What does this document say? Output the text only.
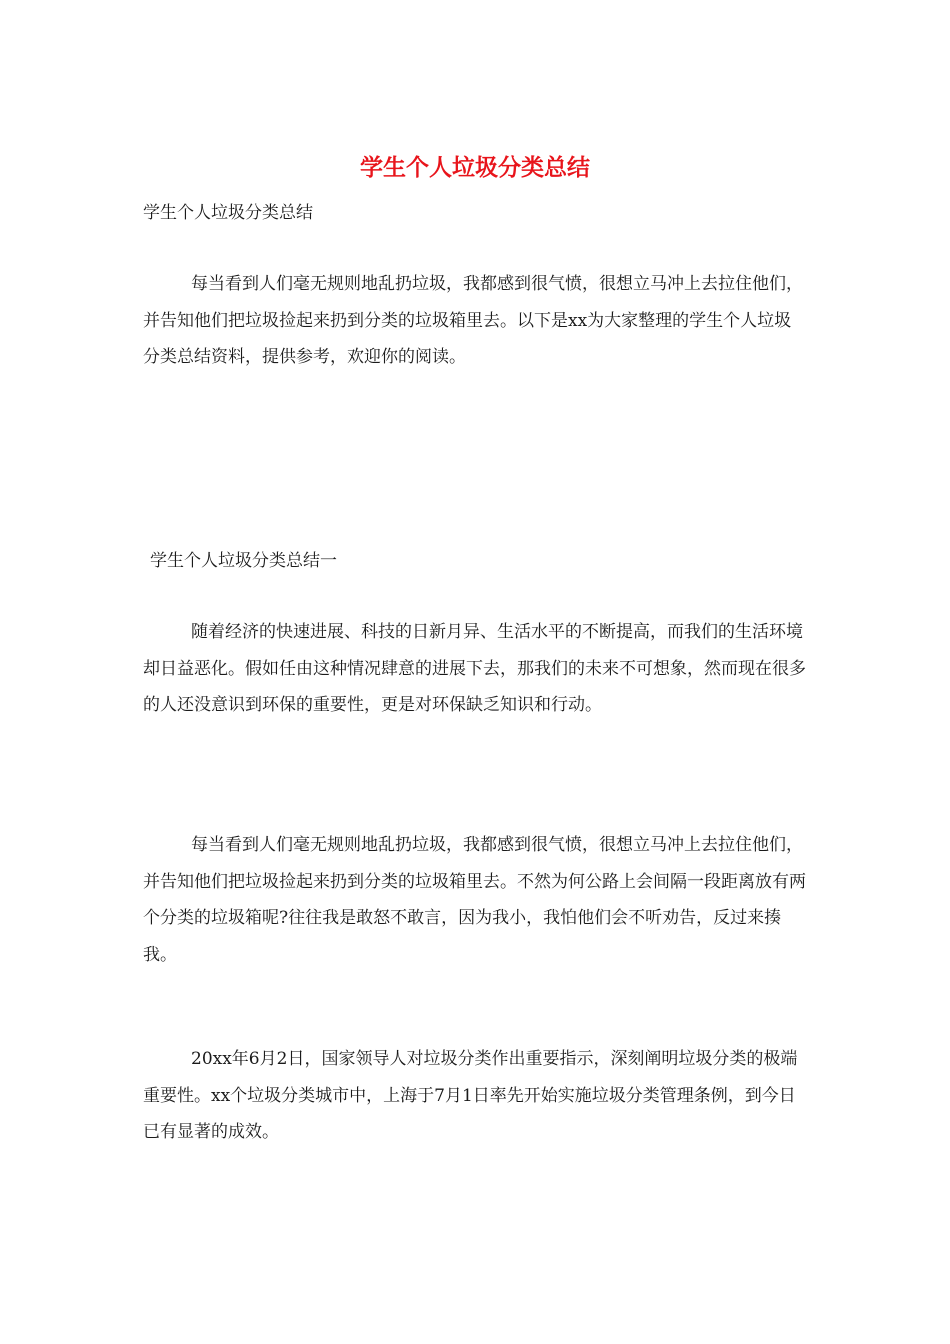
学生个人垃圾分类总结

学生个人垃圾分类总结

每当看到人们毫无规则地乱扔垃圾，我都感到很气愤，很想立马冲上去拉住他们，并告知他们把垃圾捡起来扔到分类的垃圾箱里去。以下是xx为大家整理的学生个人垃圾分类总结资料，提供参考，欢迎你的阅读。

学生个人垃圾分类总结一

随着经济的快速进展、科技的日新月异、生活水平的不断提高，而我们的生活环境却日益恶化。假如任由这种情况肆意的进展下去，那我们的未来不可想象，然而现在很多的人还没意识到环保的重要性，更是对环保缺乏知识和行动。

每当看到人们毫无规则地乱扔垃圾，我都感到很气愤，很想立马冲上去拉住他们，并告知他们把垃圾捡起来扔到分类的垃圾箱里去。不然为何公路上会间隔一段距离放有两个分类的垃圾箱呢?往往我是敢怒不敢言，因为我小，我怕他们会不听劝告，反过来揍我。

20xx年6月2日，国家领导人对垃圾分类作出重要指示，深刻阐明垃圾分类的极端重要性。xx个垃圾分类城市中，上海于7月1日率先开始实施垃圾分类管理条例，到今日已有显著的成效。
